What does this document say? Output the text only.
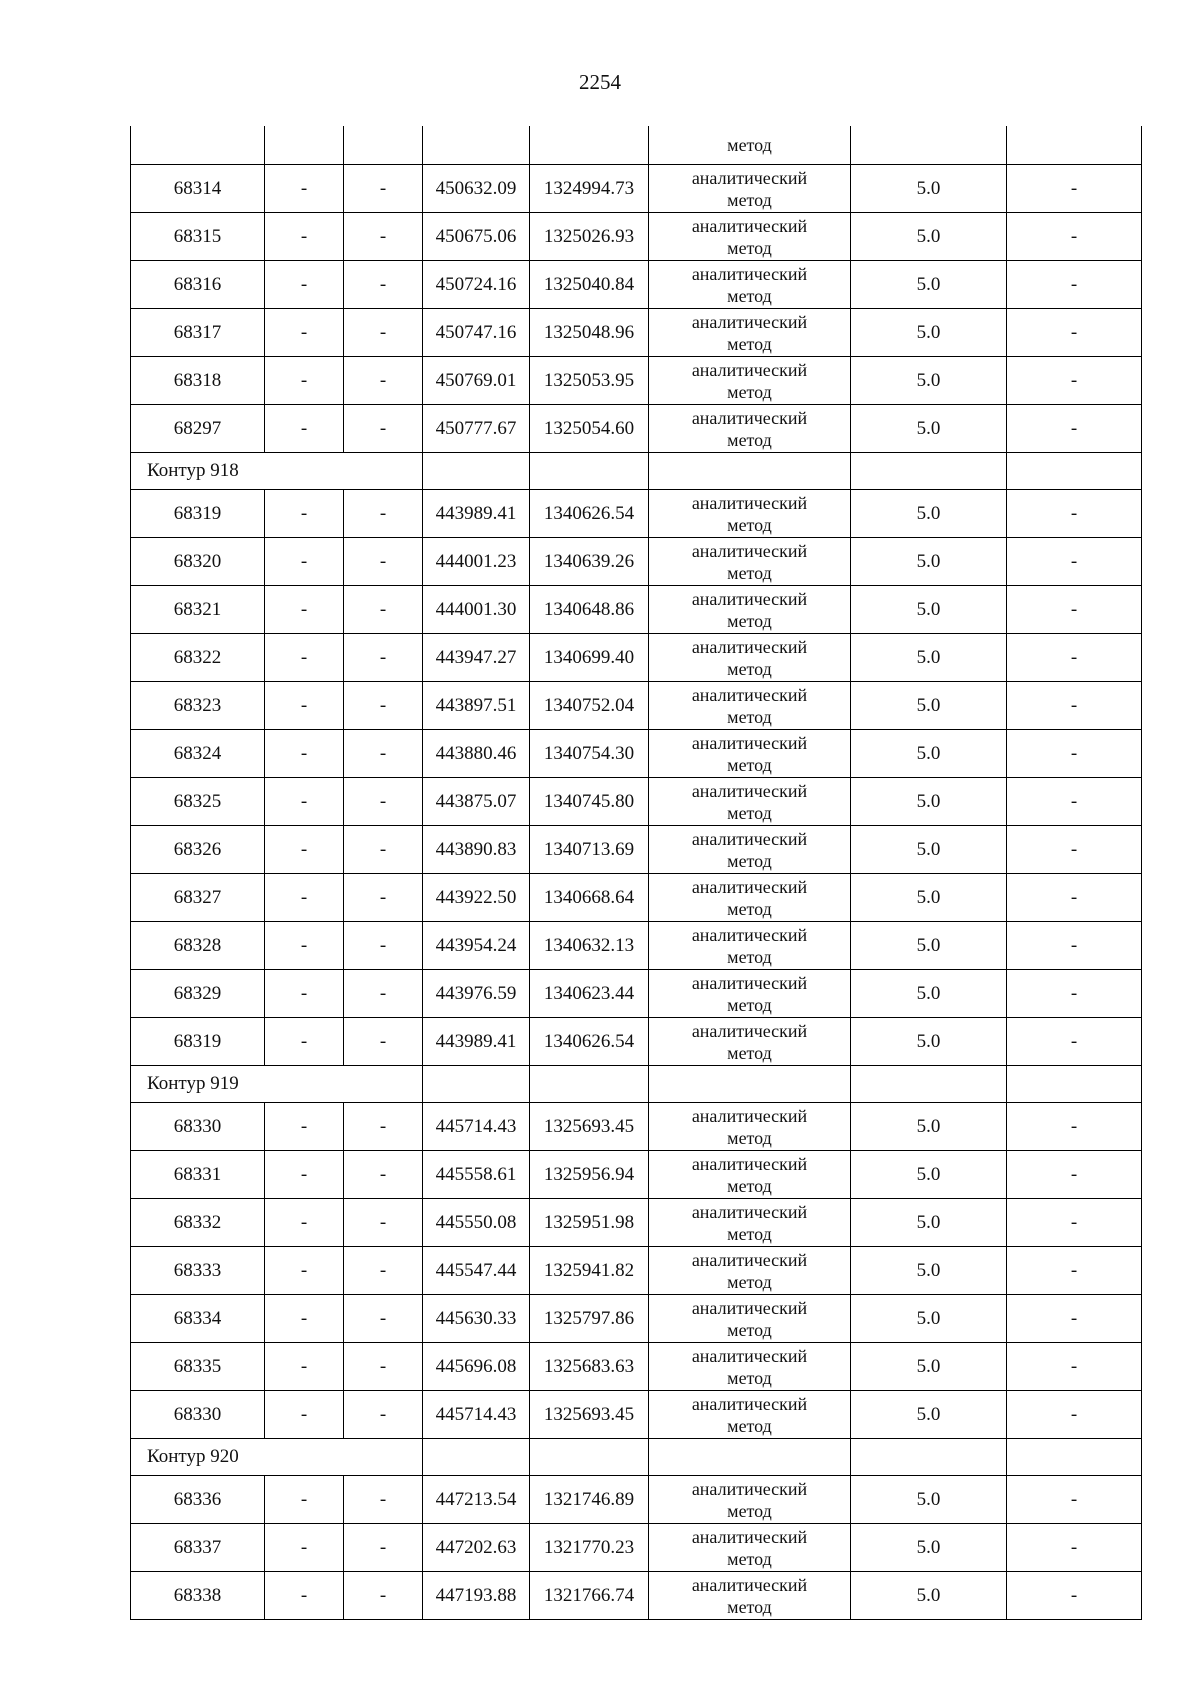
2254

					метод		

68314	-	-	450632.09	1324994.73	аналитический
метод	5.0	-
68315	-	-	450675.06	1325026.93	аналитический
метод	5.0	-
68316	-	-	450724.16	1325040.84	аналитический
метод	5.0	-
68317	-	-	450747.16	1325048.96	аналитический
метод	5.0	-
68318	-	-	450769.01	1325053.95	аналитический
метод	5.0	-
68297	-	-	450777.67	1325054.60	аналитический
метод	5.0	-
Контур 918							
68319	-	-	443989.41	1340626.54	аналитический
метод	5.0	-
68320	-	-	444001.23	1340639.26	аналитический
метод	5.0	-
68321	-	-	444001.30	1340648.86	аналитический
метод	5.0	-
68322	-	-	443947.27	1340699.40	аналитический
метод	5.0	-
68323	-	-	443897.51	1340752.04	аналитический
метод	5.0	-
68324	-	-	443880.46	1340754.30	аналитический
метод	5.0	-
68325	-	-	443875.07	1340745.80	аналитический
метод	5.0	-
68326	-	-	443890.83	1340713.69	аналитический
метод	5.0	-
68327	-	-	443922.50	1340668.64	аналитический
метод	5.0	-
68328	-	-	443954.24	1340632.13	аналитический
метод	5.0	-
68329	-	-	443976.59	1340623.44	аналитический
метод	5.0	-
68319	-	-	443989.41	1340626.54	аналитический
метод	5.0	-
Контур 919							
68330	-	-	445714.43	1325693.45	аналитический
метод	5.0	-
68331	-	-	445558.61	1325956.94	аналитический
метод	5.0	-
68332	-	-	445550.08	1325951.98	аналитический
метод	5.0	-
68333	-	-	445547.44	1325941.82	аналитический
метод	5.0	-
68334	-	-	445630.33	1325797.86	аналитический
метод	5.0	-
68335	-	-	445696.08	1325683.63	аналитический
метод	5.0	-
68330	-	-	445714.43	1325693.45	аналитический
метод	5.0	-
Контур 920							
68336	-	-	447213.54	1321746.89	аналитический
метод	5.0	-
68337	-	-	447202.63	1321770.23	аналитический
метод	5.0	-
68338	-	-	447193.88	1321766.74	аналитический
метод	5.0	-
